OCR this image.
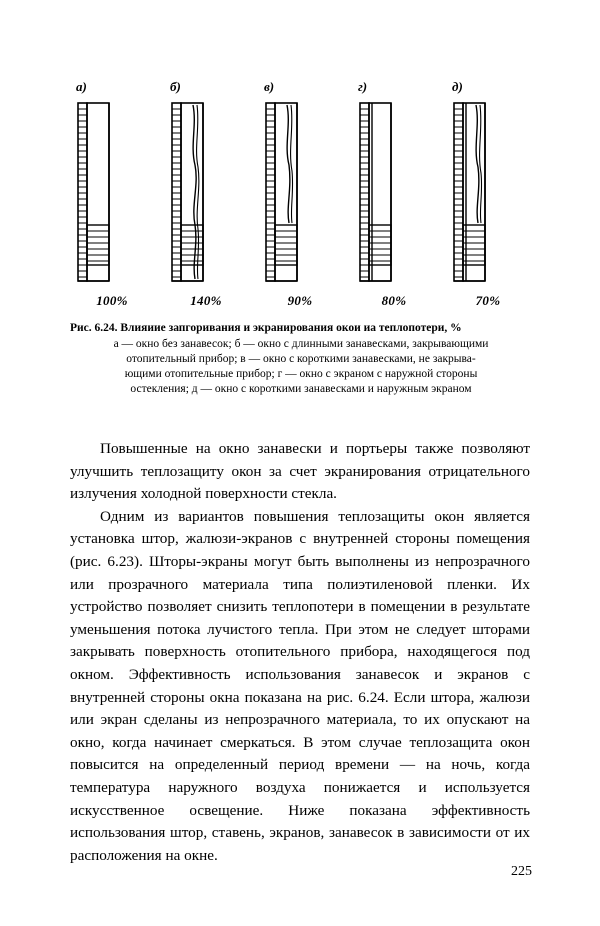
а)
100%
б)
140%
в)
90%
г)
80%
д)
70%
Рис. 6.24. Влияиие запгоривания и экранирования окои иа теплопотери, %
а — окно без занавесок; б — окно с длинными занавесками, закрывающими
отопительный прибор; в — окно с короткими занавесками, не закрыва-
ющими отопительные прибор; г — окно с экраном с наружной стороны
остекления; д — окно с короткими занавесками и наружным экраном

Повышенные на окно занавески и портьеры также позволяют улучшить теплозащиту окон за счет экранирования отрицательного излучения холодной поверхности стекла.

Одним из вариантов повышения теплозащиты окон является установка штор, жалюзи-экранов с внутренней стороны помещения (рис. 6.23). Шторы-экраны могут быть выполнены из непрозрачного или прозрачного материала типа полиэтиленовой пленки. Их устройство позволяет снизить теплопотери в помещении в результате уменьшения потока лучистого тепла. При этом не следует шторами закрывать поверхность отопительного прибора, находящегося под окном. Эффективность использования занавесок и экранов с внутренней стороны окна показана на рис. 6.24. Если штора, жалюзи или экран сделаны из непрозрачного материала, то их опускают на окно, когда начинает смеркаться. В этом случае теплозащита окон повысится на определенный период времени — на ночь, когда температура наружного воздуха понижается и используется искусственное освещение. Ниже показана эффективность использования штор, ставень, экранов, занавесок в зависимости от их расположения на окне.

225
